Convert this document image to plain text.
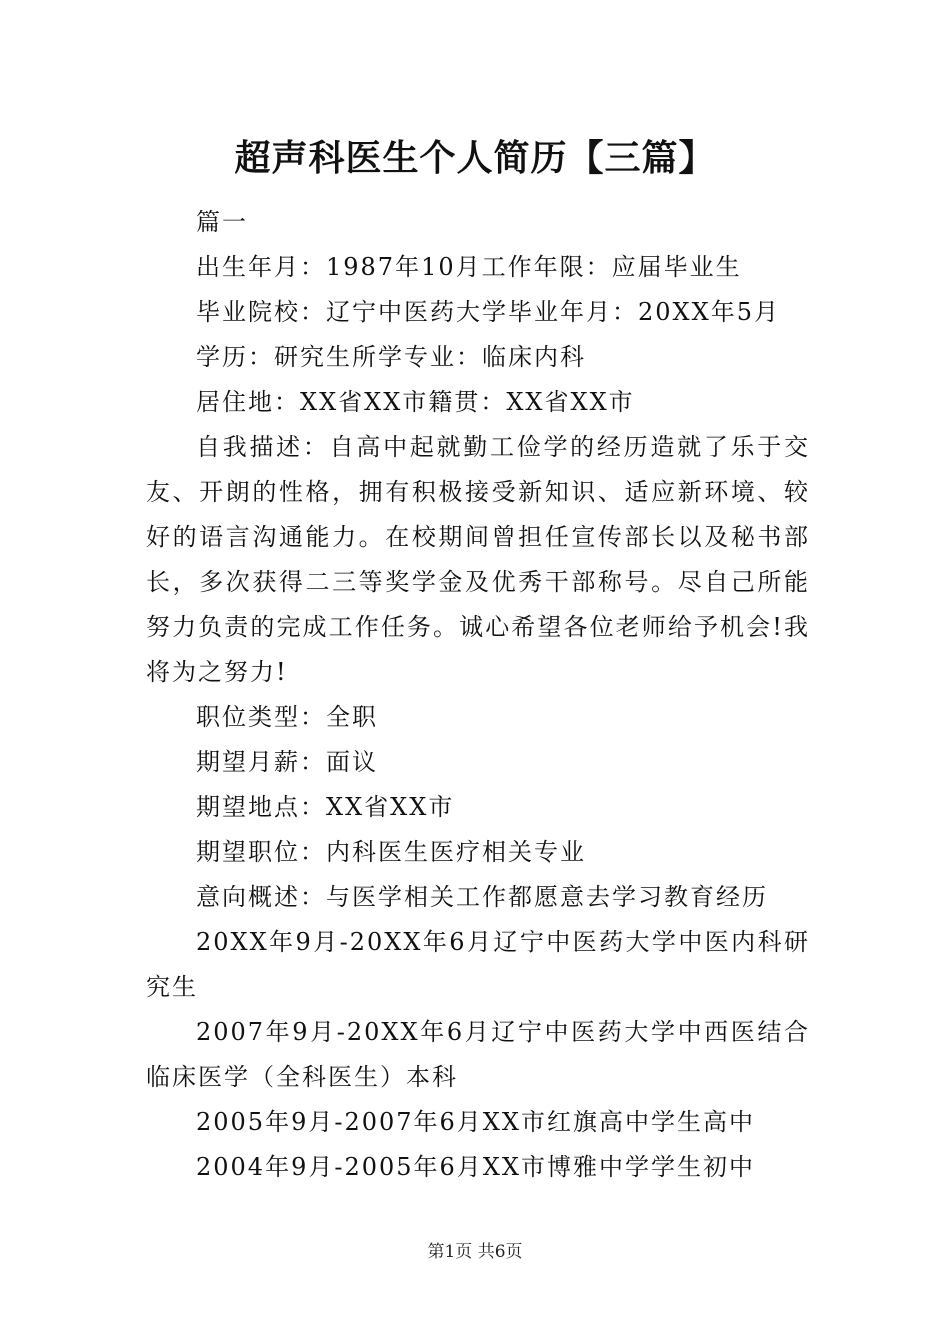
超声科医生个人简历【三篇】

篇一

出生年月：1987年10月工作年限：应届毕业生

毕业院校：辽宁中医药大学毕业年月：20XX年5月

学历：研究生所学专业：临床内科

居住地：XX省XX市籍贯：XX省XX市

自我描述：自高中起就勤工俭学的经历造就了乐于交友、开朗的性格，拥有积极接受新知识、适应新环境、较好的语言沟通能力。在校期间曾担任宣传部长以及秘书部长，多次获得二三等奖学金及优秀干部称号。尽自己所能努力负责的完成工作任务。诚心希望各位老师给予机会!我将为之努力!

职位类型：全职

期望月薪：面议

期望地点：XX省XX市

期望职位：内科医生医疗相关专业

意向概述：与医学相关工作都愿意去学习教育经历

20XX年9月-20XX年6月辽宁中医药大学中医内科研究生

2007年9月-20XX年6月辽宁中医药大学中西医结合临床医学（全科医生）本科

2005年9月-2007年6月XX市红旗高中学生高中

2004年9月-2005年6月XX市博雅中学学生初中

第1页 共6页
